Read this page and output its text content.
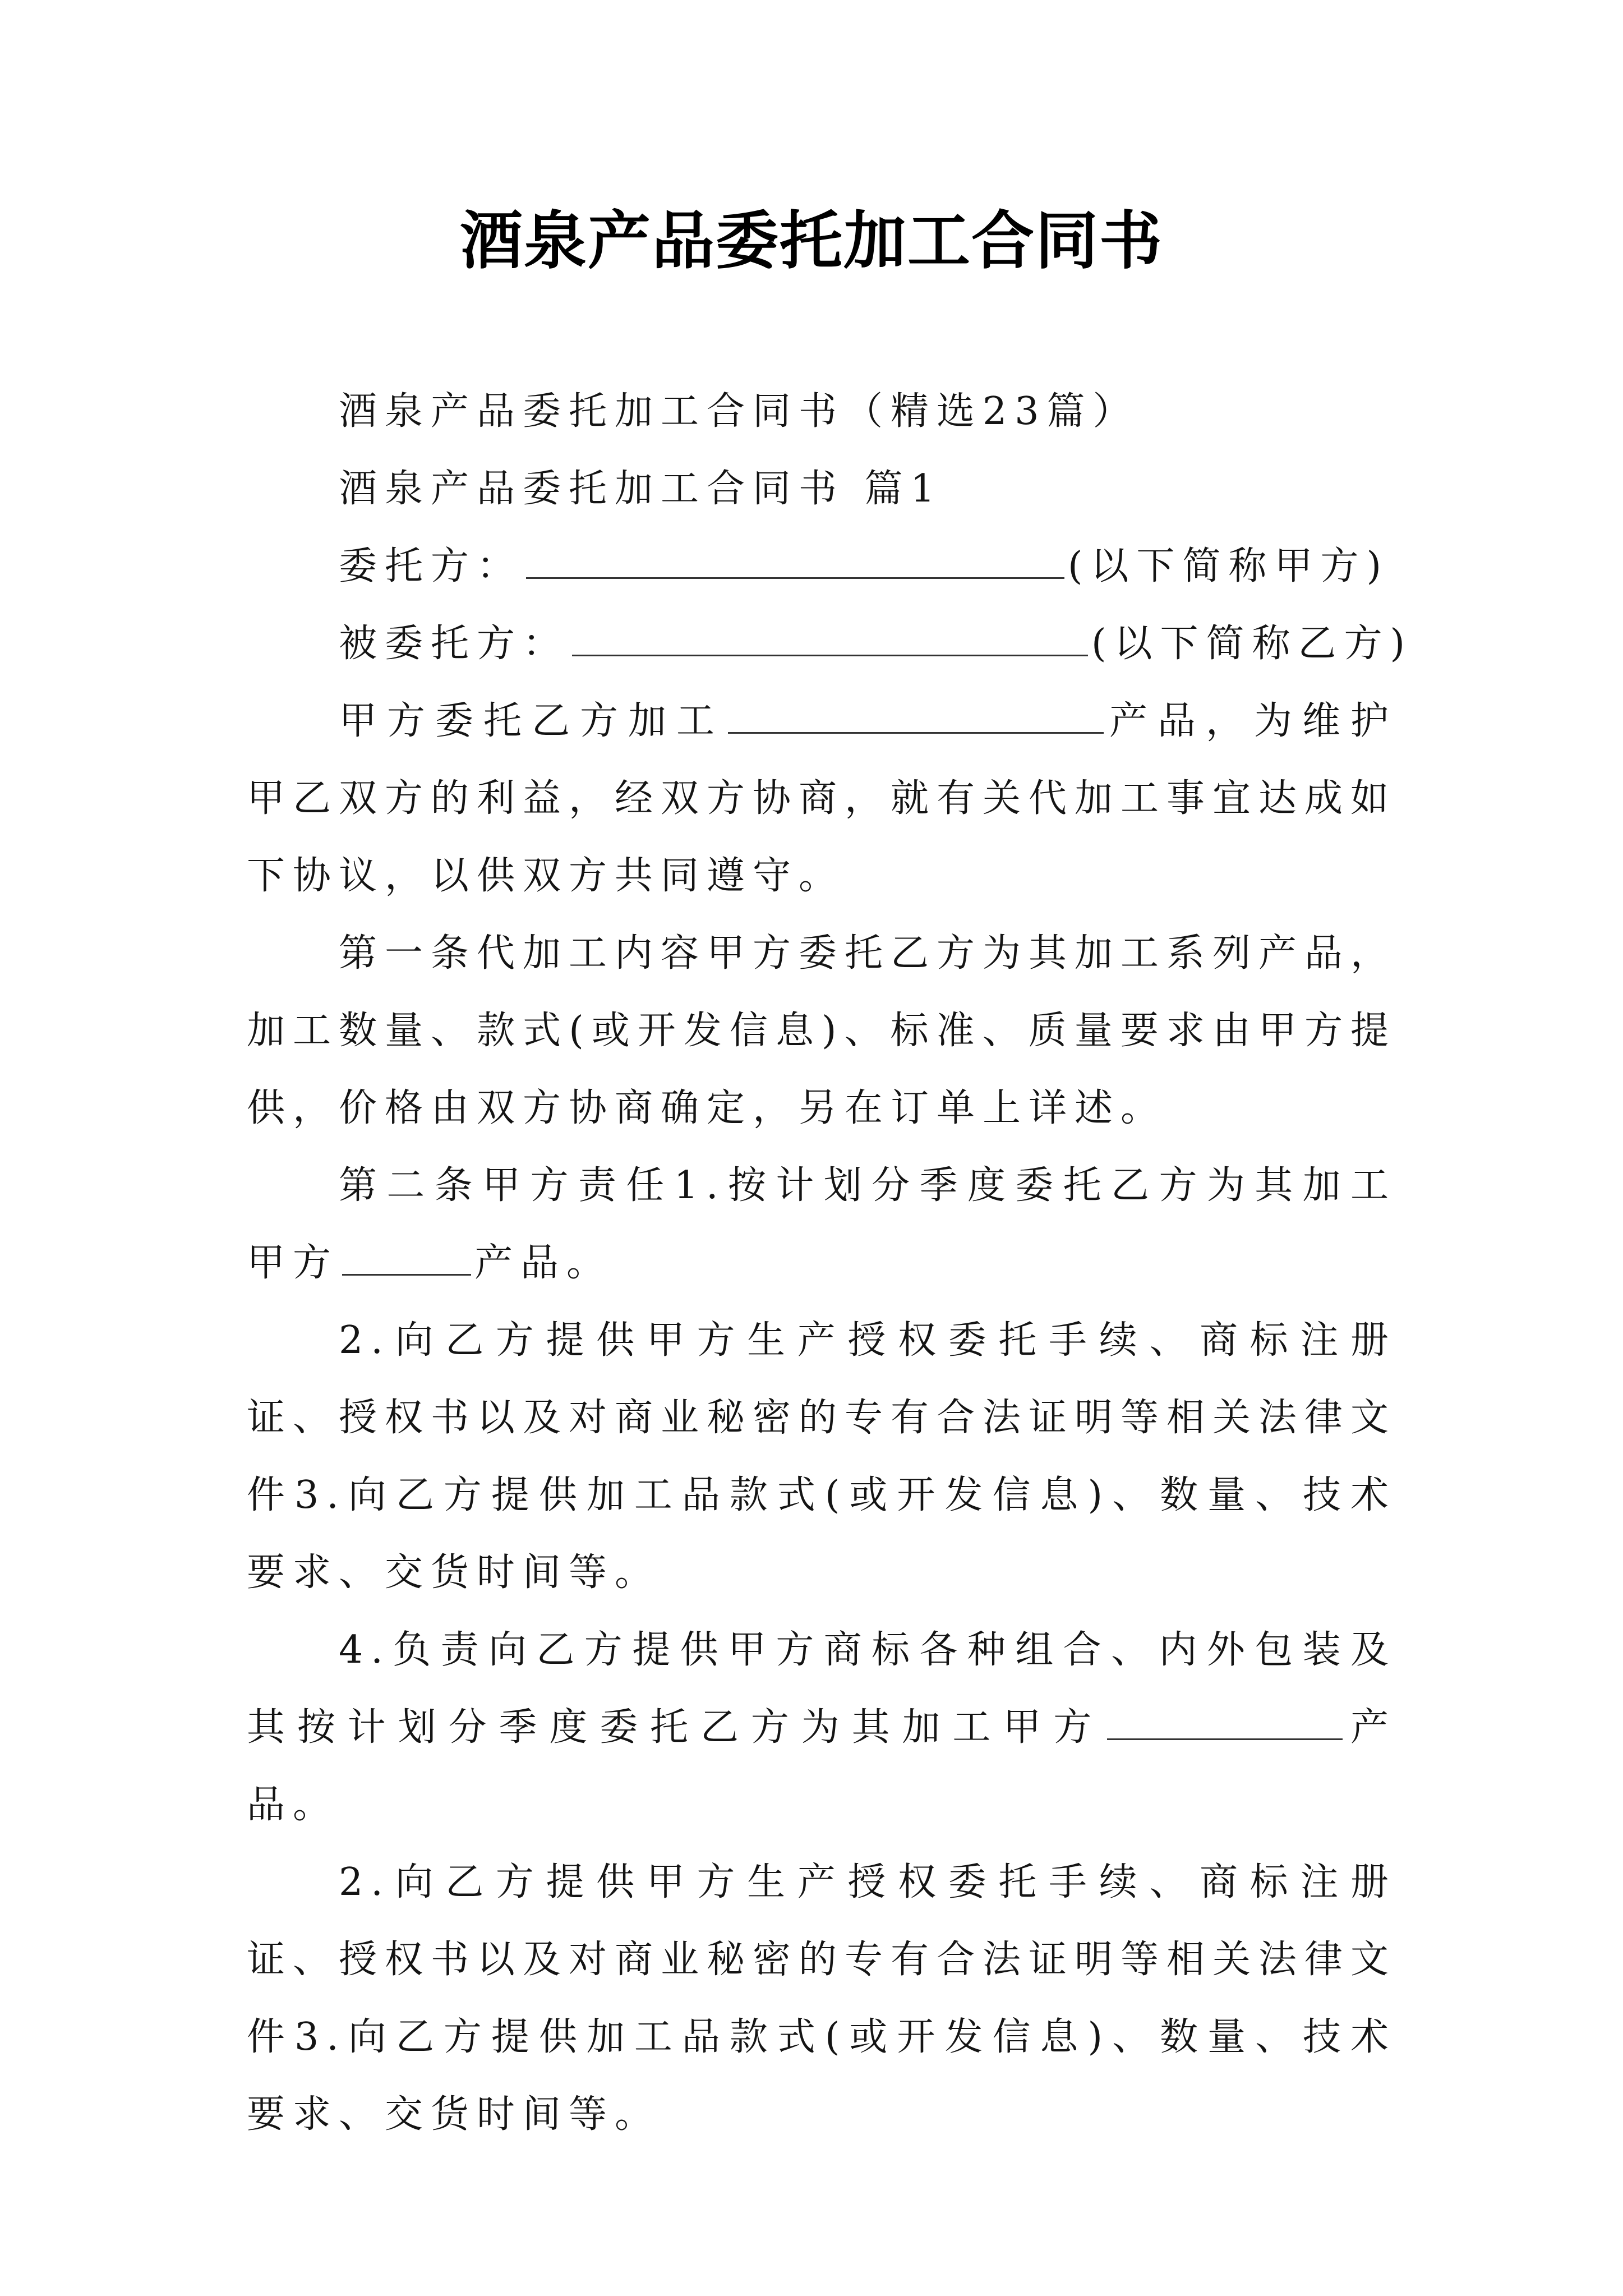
酒泉产品委托加工合同书
酒泉产品委托加工合同书（精选23篇）
酒泉产品委托加工合同书 篇1
委托方：	(以下简称甲方)
被委托方：	(以下简称乙方)

甲方委托乙方加工	产品，为维护甲乙双方的利益，经双方协商，就有关代加工事宜达成如下协议，以供双方共同遵守。

第一条代加工内容甲方委托乙方为其加工系列产品，加工数量、款式(或开发信息)、标准、质量要求由甲方提供，价格由双方协商确定，另在订单上详述。

第二条甲方责任1.按计划分季度委托乙方为其加工甲方	产品。

2.向乙方提供甲方生产授权委托手续、商标注册证、授权书以及对商业秘密的专有合法证明等相关法律文件3.向乙方提供加工品款式(或开发信息)、数量、技术要求、交货时间等。

4.负责向乙方提供甲方商标各种组合、内外包装及其按计划分季度委托乙方为其加工甲方	产品。

2.向乙方提供甲方生产授权委托手续、商标注册证、授权书以及对商业秘密的专有合法证明等相关法律文件3.向乙方提供加工品款式(或开发信息)、数量、技术要求、交货时间等。
